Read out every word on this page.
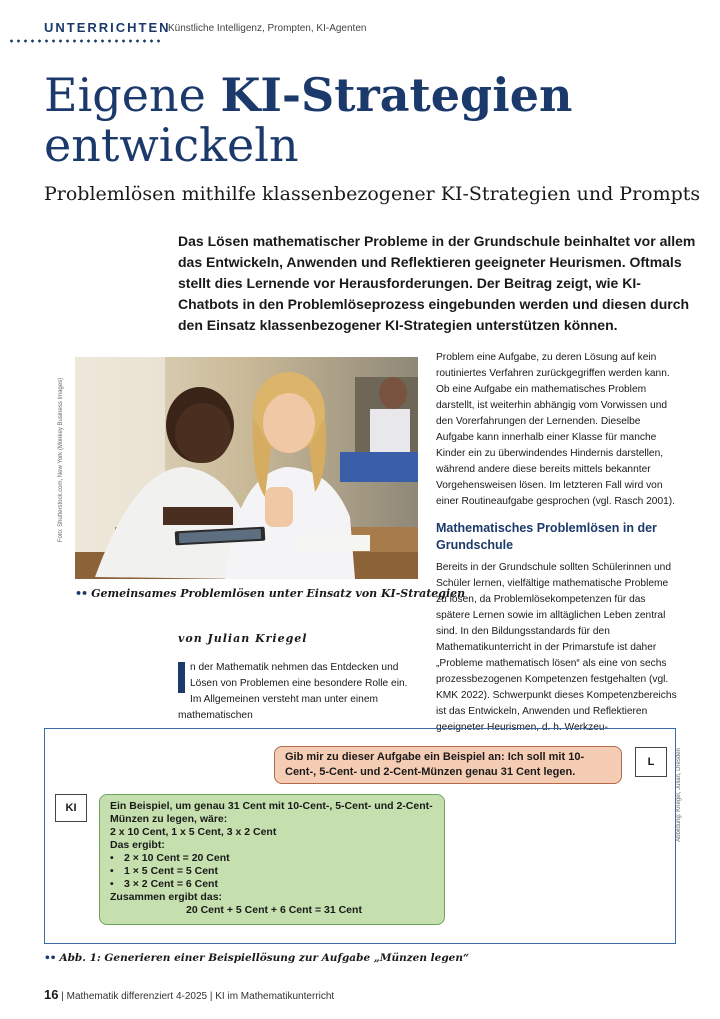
UNTERRICHTEN
Künstliche Intelligenz, Prompten, KI-Agenten
Eigene KI-Strategien
entwickeln
Problemlösen mithilfe klassenbezogener KI-Strategien und Prompts
Das Lösen mathematischer Probleme in der Grundschule beinhaltet vor allem das Entwickeln, Anwenden und Reflektieren geeigneter Heurismen. Oftmals stellt dies Lernende vor Herausforderungen. Der Beitrag zeigt, wie KI-Chatbots in den Problemlöseprozess eingebunden werden und diesen durch den Einsatz klassenbezogener KI-Strategien unterstützen können.
Foto: Shutterstock.com, New York (Monkey Business Images)
•• Gemeinsames Problemlösen unter Einsatz von KI-Strategien
von Julian Kriegel
n der Mathematik nehmen das Entdecken und Lösen von Problemen eine besondere Rolle ein. Im Allgemeinen versteht man unter einem mathematischen

Problem eine Aufgabe, zu deren Lösung auf kein routiniertes Verfahren zurückgegriffen werden kann. Ob eine Aufgabe ein mathematisches Problem darstellt, ist weiterhin abhängig vom Vorwissen und den Vorerfahrungen der Lernenden. Dieselbe Aufgabe kann innerhalb einer Klasse für manche Kinder ein zu überwindendes Hindernis darstellen, während andere diese bereits mittels bekannter Vorgehensweisen lösen. Im letzteren Fall wird von einer Routineaufgabe gesprochen (vgl. Rasch 2001).

Mathematisches Problemlösen in der Grundschule

Bereits in der Grundschule sollten Schülerinnen und Schüler lernen, vielfältige mathematische Probleme zu lösen, da Problemlösekompetenzen für das spätere Lernen sowie im alltäglichen Leben zentral sind. In den Bildungsstandards für den Mathematikunterricht in der Primarstufe ist daher „Probleme mathematisch lösen“ als eine von sechs prozessbezogenen Kompetenzen festgehalten (vgl. KMK 2022). Schwerpunkt dieses Kompetenzbereichs ist das Entwickeln, Anwenden und Reflektieren geeigneter Heurismen, d. h. Werkzeu-

Gib mir zu dieser Aufgabe ein Beispiel an: Ich soll mit 10-Cent-, 5-Cent- und 2-Cent-Münzen genau 31 Cent legen.
L
KI	Ein Beispiel, um genau 31 Cent mit 10-Cent-, 5-Cent- und 2-Cent-Münzen zu legen, wäre:
2 x 10 Cent, 1 x 5 Cent, 3 x 2 Cent
Das ergibt:
• 2 × 10 Cent = 20 Cent
• 1 × 5 Cent = 5 Cent
• 3 × 2 Cent = 6 Cent
Zusammen ergibt das:
20 Cent + 5 Cent + 6 Cent = 31 Cent
Abbildung: Kriegel, Julian, Dresden
•• Abb. 1: Generieren einer Beispiellösung zur Aufgabe „Münzen legen“
16 | Mathematik differenziert 4-2025 | KI im Mathematikunterricht
